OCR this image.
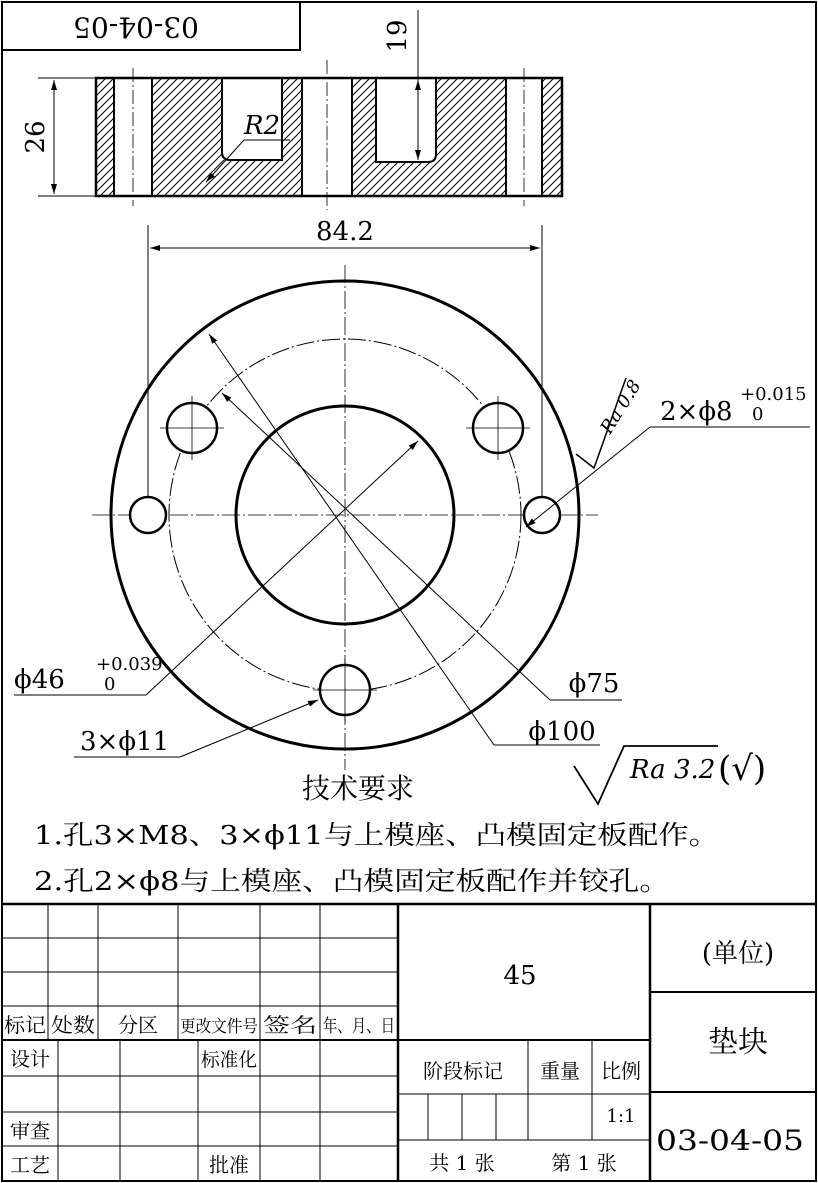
03-04-05
26
19
R2
84.2
ϕ100
ϕ75
ϕ46
+0.039
0
3×ϕ11
2×ϕ8
+0.015
0
Ra 0.8
Ra 3.2 (√)
技术要求
1.孔3×M8、3×ϕ11与上模座、凸模固定板配作。
2.孔2×ϕ8与上模座、凸模固定板配作并铰孔。
标记 处数 分区 更改文件号 签名 年、月、日
设计	标准化
审查
工艺	批准
45
阶段标记 重量 比例
1:1
共 1 张	第 1 张
(单位)
垫块
03-04-05
